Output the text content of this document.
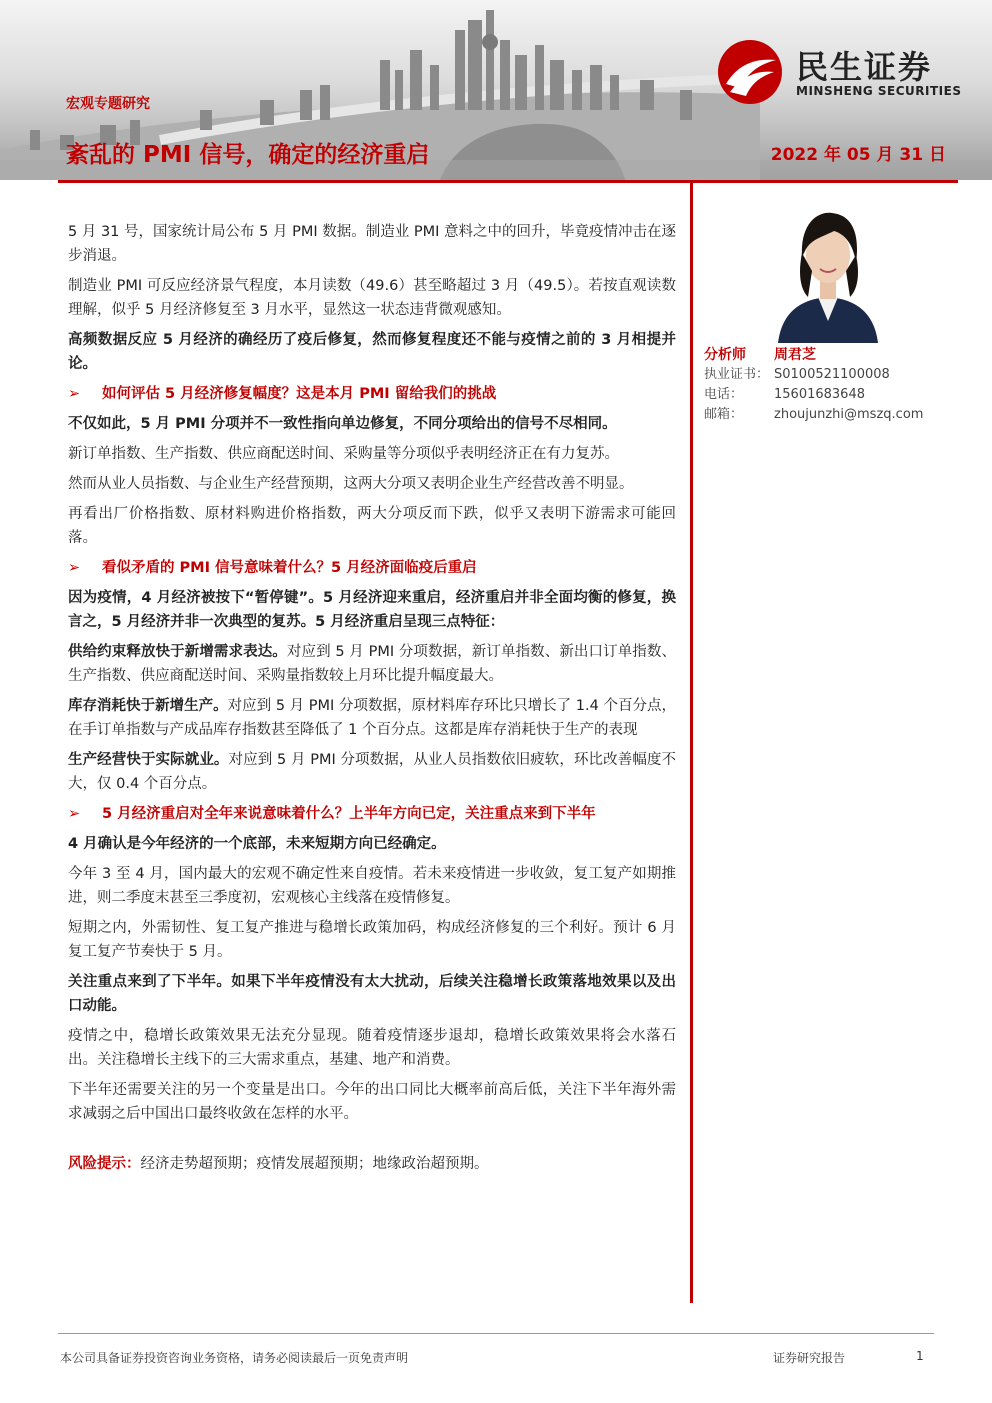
宏观专题研究
紊乱的 PMI 信号，确定的经济重启	2022 年 05 月 31 日
民生证券
MINSHENG SECURITIES

5 月 31 号，国家统计局公布 5 月 PMI 数据。制造业 PMI 意料之中的回升，毕竟疫情冲击在逐步消退。

制造业 PMI 可反应经济景气程度，本月读数（49.6）甚至略超过 3 月（49.5）。若按直观读数理解，似乎 5 月经济修复至 3 月水平，显然这一状态违背微观感知。

高频数据反应 5 月经济的确经历了疫后修复，然而修复程度还不能与疫情之前的 3 月相提并论。

➢ 如何评估 5 月经济修复幅度？这是本月 PMI 留给我们的挑战

不仅如此，5 月 PMI 分项并不一致性指向单边修复，不同分项给出的信号不尽相同。

新订单指数、生产指数、供应商配送时间、采购量等分项似乎表明经济正在有力复苏。

然而从业人员指数、与企业生产经营预期，这两大分项又表明企业生产经营改善不明显。

再看出厂价格指数、原材料购进价格指数，两大分项反而下跌，似乎又表明下游需求可能回落。

➢ 看似矛盾的 PMI 信号意味着什么？5 月经济面临疫后重启

因为疫情，4 月经济被按下“暂停键”。5 月经济迎来重启，经济重启并非全面均衡的修复，换言之，5 月经济并非一次典型的复苏。5 月经济重启呈现三点特征：

供给约束释放快于新增需求表达。对应到 5 月 PMI 分项数据，新订单指数、新出口订单指数、生产指数、供应商配送时间、采购量指数较上月环比提升幅度最大。

库存消耗快于新增生产。对应到 5 月 PMI 分项数据，原材料库存环比只增长了 1.4 个百分点，在手订单指数与产成品库存指数甚至降低了 1 个百分点。这都是库存消耗快于生产的表现

生产经营快于实际就业。对应到 5 月 PMI 分项数据，从业人员指数依旧疲软，环比改善幅度不大，仅 0.4 个百分点。

➢ 5 月经济重启对全年来说意味着什么？上半年方向已定，关注重点来到下半年

4 月确认是今年经济的一个底部，未来短期方向已经确定。

今年 3 至 4 月，国内最大的宏观不确定性来自疫情。若未来疫情进一步收敛，复工复产如期推进，则二季度末甚至三季度初，宏观核心主线落在疫情修复。

短期之内，外需韧性、复工复产推进与稳增长政策加码，构成经济修复的三个利好。预计 6 月复工复产节奏快于 5 月。

关注重点来到了下半年。如果下半年疫情没有太大扰动，后续关注稳增长政策落地效果以及出口动能。

疫情之中，稳增长政策效果无法充分显现。随着疫情逐步退却，稳增长政策效果将会水落石出。关注稳增长主线下的三大需求重点，基建、地产和消费。

下半年还需要关注的另一个变量是出口。今年的出口同比大概率前高后低，关注下半年海外需求减弱之后中国出口最终收敛在怎样的水平。

风险提示：经济走势超预期；疫情发展超预期；地缘政治超预期。

分析师	周君芝
执业证书： S0100521100008
电话：	15601683648
邮箱：	zhoujunzhi@mszq.com
本公司具备证券投资咨询业务资格，请务必阅读最后一页免责声明	证券研究报告	1
